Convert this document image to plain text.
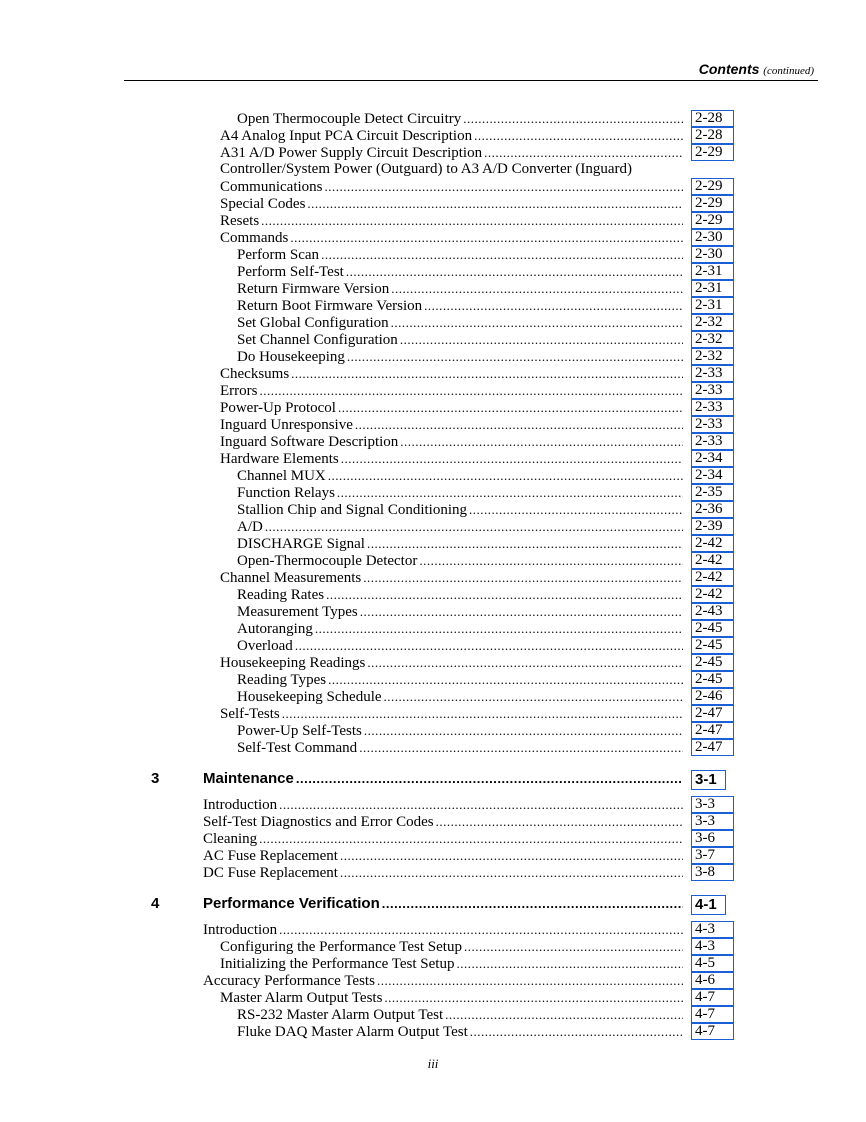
Contents (continued)
Open Thermocouple Detect Circuitry .....	2-28
A4 Analog Input PCA Circuit Description .....	2-28
A31 A/D Power Supply Circuit Description .....	2-29
Controller/System Power (Outguard) to A3 A/D Converter (Inguard)
Communications .....	2-29
Special Codes .....	2-29
Resets .....	2-29
Commands .....	2-30
Perform Scan .....	2-30
Perform Self-Test .....	2-31
Return Firmware Version .....	2-31
Return Boot Firmware Version .....	2-31
Set Global Configuration .....	2-32
Set Channel Configuration .....	2-32
Do Housekeeping .....	2-32
Checksums .....	2-33
Errors .....	2-33
Power-Up Protocol .....	2-33
Inguard Unresponsive .....	2-33
Inguard Software Description .....	2-33
Hardware Elements .....	2-34
Channel MUX .....	2-34
Function Relays .....	2-35
Stallion Chip and Signal Conditioning .....	2-36
A/D .....	2-39
DISCHARGE Signal .....	2-42
Open-Thermocouple Detector .....	2-42
Channel Measurements .....	2-42
Reading Rates .....	2-42
Measurement Types .....	2-43
Autoranging .....	2-45
Overload .....	2-45
Housekeeping Readings .....	2-45
Reading Types .....	2-45
Housekeeping Schedule .....	2-46
Self-Tests .....	2-47
Power-Up Self-Tests .....	2-47
Self-Test Command .....	2-47
3	Maintenance .....	3-1
Introduction .....	3-3
Self-Test Diagnostics and Error Codes .....	3-3
Cleaning .....	3-6
AC Fuse Replacement .....	3-7
DC Fuse Replacement .....	3-8
4	Performance Verification .....	4-1
Introduction .....	4-3
Configuring the Performance Test Setup .....	4-3
Initializing the Performance Test Setup .....	4-5
Accuracy Performance Tests .....	4-6
Master Alarm Output Tests .....	4-7
RS-232 Master Alarm Output Test .....	4-7
Fluke DAQ Master Alarm Output Test .....	4-7
iii
